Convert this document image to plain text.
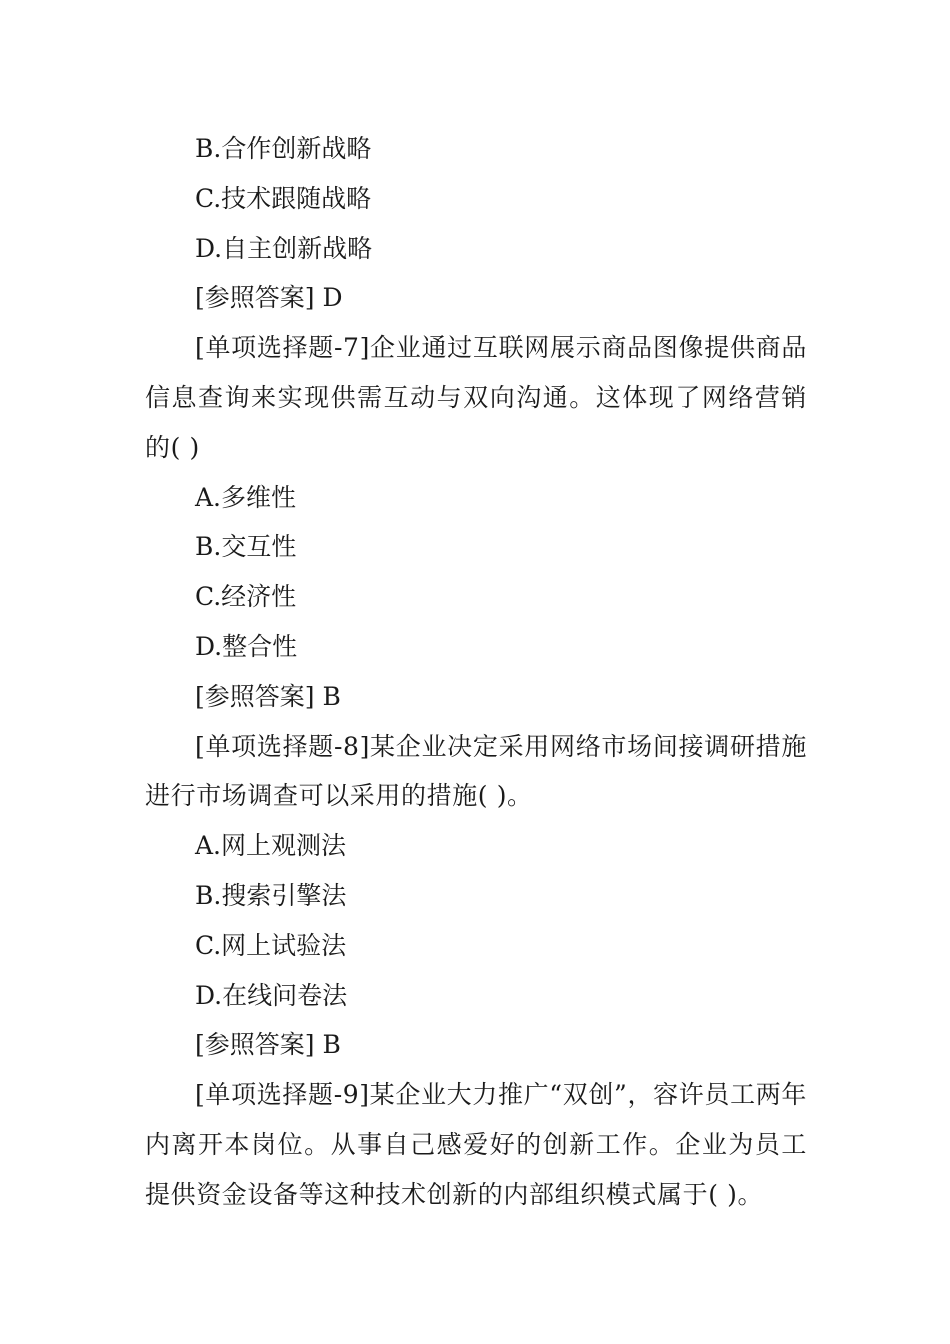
B.合作创新战略
C.技术跟随战略
D.自主创新战略
[参照答案] D
[单项选择题-7]企业通过互联网展示商品图像提供商品信息查询来实现供需互动与双向沟通。这体现了网络营销的( )
A.多维性
B.交互性
C.经济性
D.整合性
[参照答案] B
[单项选择题-8]某企业决定采用网络市场间接调研措施进行市场调查可以采用的措施( )。
A.网上观测法
B.搜索引擎法
C.网上试验法
D.在线问卷法
[参照答案] B
[单项选择题-9]某企业大力推广“双创”，容许员工两年内离开本岗位。从事自己感爱好的创新工作。企业为员工提供资金设备等这种技术创新的内部组织模式属于( )。
